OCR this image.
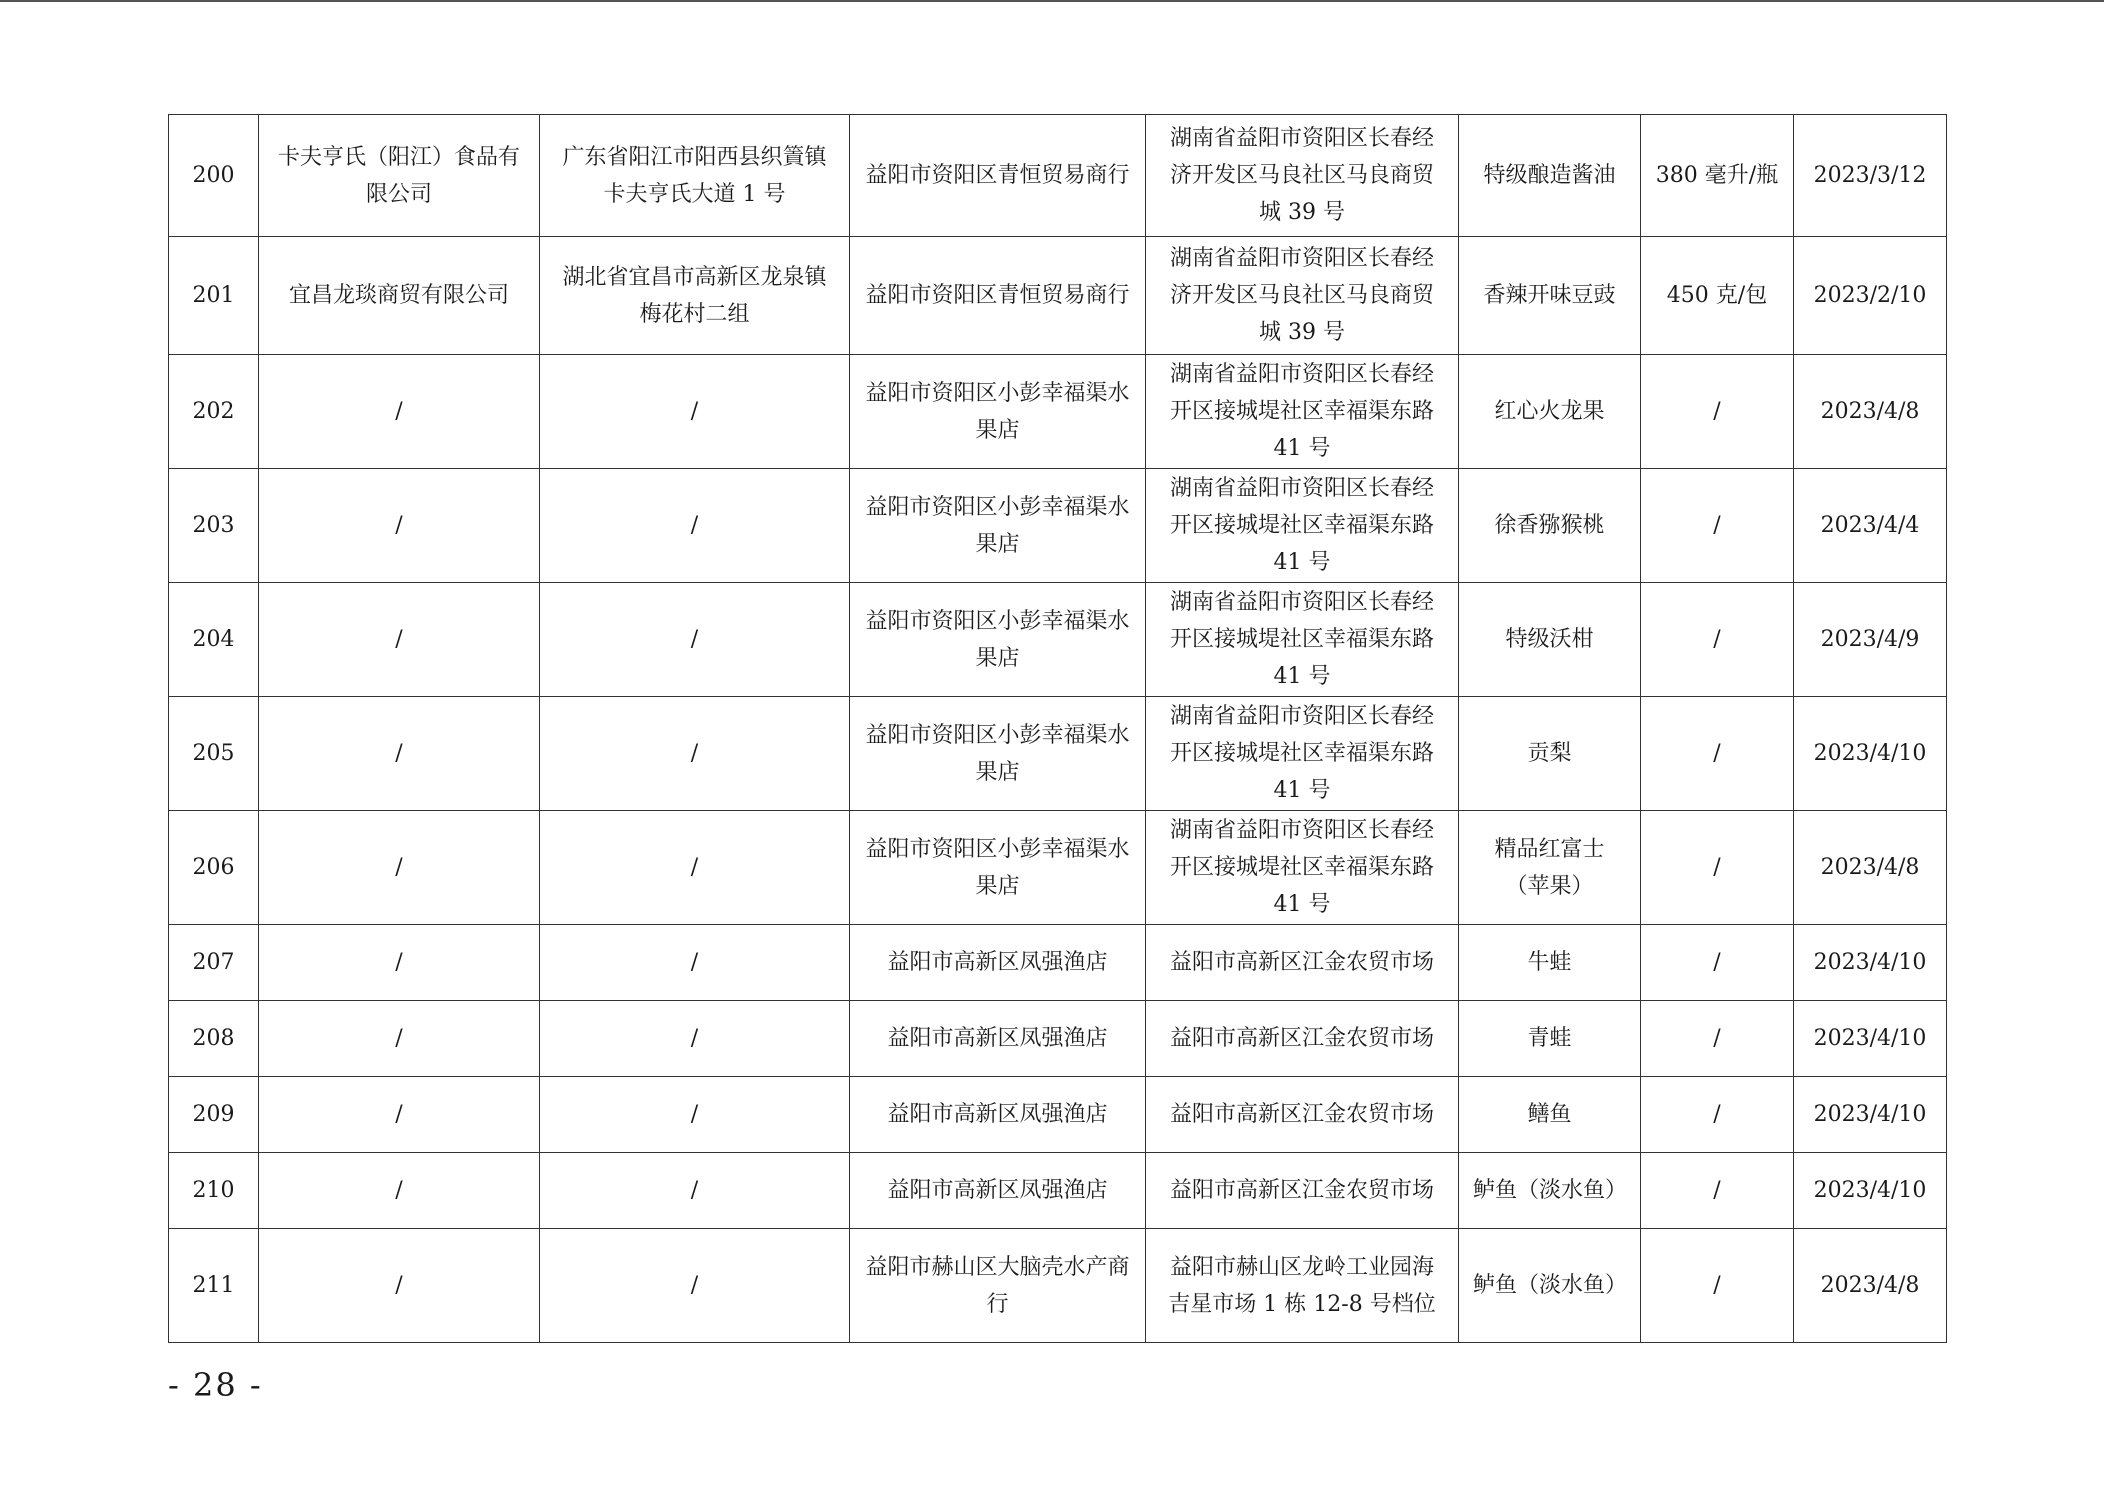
200	卡夫亨氏（阳江）食品有限公司	广东省阳江市阳西县织篢镇卡夫亨氏大道 1 号	益阳市资阳区青恒贸易商行	湖南省益阳市资阳区长春经济开发区马良社区马良商贸城 39 号	特级酿造酱油	380 毫升/瓶	2023/3/12
201	宜昌龙琰商贸有限公司	湖北省宜昌市高新区龙泉镇梅花村二组	益阳市资阳区青恒贸易商行	湖南省益阳市资阳区长春经济开发区马良社区马良商贸城 39 号	香辣开味豆豉	450 克/包	2023/2/10
202	/	/	益阳市资阳区小彭幸福渠水果店	湖南省益阳市资阳区长春经开区接城堤社区幸福渠东路 41 号	红心火龙果	/	2023/4/8
203	/	/	益阳市资阳区小彭幸福渠水果店	湖南省益阳市资阳区长春经开区接城堤社区幸福渠东路 41 号	徐香猕猴桃	/	2023/4/4
204	/	/	益阳市资阳区小彭幸福渠水果店	湖南省益阳市资阳区长春经开区接城堤社区幸福渠东路 41 号	特级沃柑	/	2023/4/9
205	/	/	益阳市资阳区小彭幸福渠水果店	湖南省益阳市资阳区长春经开区接城堤社区幸福渠东路 41 号	贡梨	/	2023/4/10
206	/	/	益阳市资阳区小彭幸福渠水果店	湖南省益阳市资阳区长春经开区接城堤社区幸福渠东路 41 号	精品红富士（苹果）	/	2023/4/8
207	/	/	益阳市高新区凤强渔店	益阳市高新区江金农贸市场	牛蛙	/	2023/4/10
208	/	/	益阳市高新区凤强渔店	益阳市高新区江金农贸市场	青蛙	/	2023/4/10
209	/	/	益阳市高新区凤强渔店	益阳市高新区江金农贸市场	鳝鱼	/	2023/4/10
210	/	/	益阳市高新区凤强渔店	益阳市高新区江金农贸市场	鲈鱼（淡水鱼）	/	2023/4/10
211	/	/	益阳市赫山区大脑壳水产商行	益阳市赫山区龙岭工业园海吉星市场 1 栋 12-8 号档位	鲈鱼（淡水鱼）	/	2023/4/8
- 28 -
